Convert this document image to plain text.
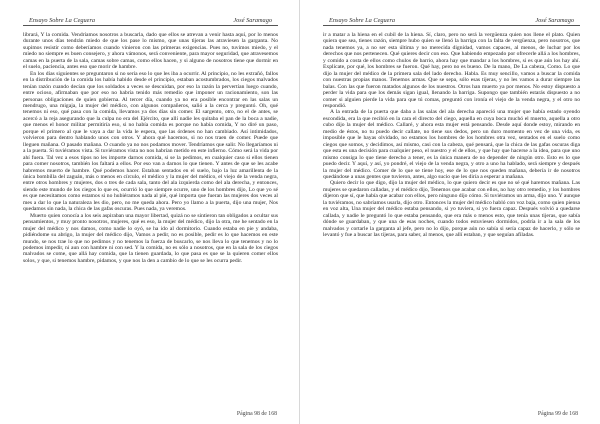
Ensayo Sobre La Ceguera	José Saramago

librará, Y la comida. Vendríamos nosotros a buscarla, dado que ellos se atrevan a venir hasta aquí, por lo menos durante unos días tendrán miedo de que los pase lo mismo, que unas tijeras las atraviesen la garganta. No supimos resistir como deberíamos cuando vinieron con las primeras exigencias. Pues no, tuvimos miedo, y el miedo no siempre es buen consejero, y ahora vámonos, será conveniente, para mayor seguridad, que atravesemos camas en la puerta de la sala, camas sobre camas, como ellos hacen, y si alguno de nosotros tiene que dormir en el suelo, paciencia, antes eso que morir de hambre.

En los días siguientes se preguntaron si no sería eso lo que les iba a ocurrir. Al principio, no les extrañó, fallos en la distribución de la comida los había habido desde el principio, estaban acostumbrados, los ciegos malvados tenían razón cuando decían que los soldados a veces se descuidan, por eso la razón la pervertían luego cuando, entre ocioso, afirmaban que por eso no habría tenido más remedio que imponer un racionamiento, son las personas obligaciones de quien gobierna. Al tercer día, cuando ya no era posible encontrar en las salas un mendrugo, una migaja, la mujer del médico, con algunos compañeros, salió a la cerca y preguntó. Oh, qué tenemos ni eso, qué pasa con la comida, llevamos ya dos días sin comer. El sargento, otro, no el de antes, se acercó a la reja asegurando que la culpa no era del Ejército, que allí nadie les quitaba el pan de la boca a nadie, que menos el honor militar permitiría eso, si no había comida es porque no había comida, Y no diré un paso, porque el primero al que le vaya a dar la vida le espera, que las órdenes no han cambiado. Así intimidados, volvieron para dentro hablando unos con otros. Y ahora qué hacemos, si no nos traen de comer. Puede que lleguen mañana. O pasado mañana. O cuando ya no nos podamos mover. Tendríamos que salir. No llegaríamos ni a la puerta. Si tuviéramos vista. Si tuviéramos vista no nos habrían metido en este infierno. Cómo será la vida por ahí fuera. Tal vez a esos tipos no les importe darnos comida, si se la pedimos, en cualquier caso si ellos tienen para comer nosotros, también los faltará a ellos. Por eso van a darnos lo que tienen. Y antes de que se les acabe habremos muerto de hambre. Qué podemos hacer. Estaban sentados en el suelo, bajo la luz amarillenta de la única bombilla del zaguán, más o menos en círculo, el médico y la mujer del médico, el viejo de la venda negra, entre otros hombres y mujeres, dos o tres de cada sala, tanto del ala izquierda como del ala derecha, y entonces, siendo este mundo de los ciegos lo que es, ocurrió lo que siempre ocurre, uno de los hombres dijo, Lo que yo sé es que necesitamos como estamos si no hubiéramos nada al pié, qué importa que fueran las mujeres dos veces al mes a dar lo que la naturaleza les dio, pero, no me queda ahora. Pero yo llamo a la puerta, dijo una mujer, Nos quedamos sin nada, la chica de las gafas oscuras. Pues nada, ya veremos.

Muerto quien conocía a los seis aspiraban una mayor libertad, quizá no se sintieron tan obligados a ocultar sus pensamientos, y muy pronto nosotros, mujeres, qué es eso, la mujer del médico, dijo la otra, me he sentado en la mujer del médico y nos damos, como nadie lo oyó, se ha ido al dormitorio. Cuando estaba en pie y andaba, pidiéndome su abrigo, la mujer del médico dijo, Vamos a pedir, no es posible, pedir es lo que hacemos en este mundo, se nos trae lo que no pedimos y no tenemos la fuerza de buscarlo, se nos lleva lo que tenemos y no lo podemos impedir, ni aun con hambre ni con sed. Y la comida, no es sólo a nosotros, que en la sala de los ciegos malvados se come, que allá hay comida, que la tienen guardada, lo que pasa es que se la quieren comer ellos solos, y que, si tenemos hambre, pidamos, y que nos la den a cambio de lo que se les ocurra pedir.

Página 98 de 168
Ensayo Sobre La Ceguera	José Saramago

ir a matar a la hiena en el cubil de la hiena. Sí, claro, pero no será la vergüenza quien nos llene el plato. Quien quiera que sea, tienes razón, siempre hubo quien se llenó la barriga con la falta de vergüenza, pero nosotros, que nada tenemos ya, a no ser esta última y no merecida dignidad, vamos capaces, al menos, de luchar por los derechos que nos pertenecen. Qué quieres decir con eso. Que habiendo empezado por ofrecerle allá a los hombres, y comido a costa de ellos como chulos de barrio, ahora hay que mandar a los hombres, si es que aún los hay ahí. Explícate, por qué, los hombres se fueron. Qué hay, pero no es bueno. De la mano, De La cabeza, Como. Lo que dijo la mujer del médico de la primera sala del lado derecho. Habla. Es muy sencillo, vamos a buscar la comida con nuestras propias manos. Tenemos armas. Que se sepa, sólo esas tijeras, y no les vamos a durar siempre las balas. Con las que fueron matados algunos de los nuestros. Otros han muerto ya por menos. No estoy dispuesto a perder la vida para que los demás sigan igual, llenando la barriga. Supongo que también estarás dispuesto a no comer si alguien pierde la vida para que tú comas, preguntó con ironía el viejo de la venda negra, y el otro no respondió.

A la entrada de la puerta que daba a las salas del ala derecha apareció una mujer que había estado oyendo escondida, era la que recibió en la cara el directo del ciego, aquella en cuya boca muchó el muerto, aquella a otro cubo dijo la mujer del médico. Callaré, y ahora esta mujer está pensando. Desde aquí donde estoy, mirando en medio de éstos, no tu puedo decir callate, no tiene sus dedos, pero un duro momento en vez de una vida, es imposible que le hayas olvidado, no estamos los hombres de los hombres otra vez, sentados en el suelo como ciegos que somos, y decidimos, así mismo, casi con la cabeza, qué pensará, que la chica de las gafas oscuras diga que esta es una decisión para cualquier peso, el nuestro y el de ellos, y que hay que hacerse a la idea, para que uno mismo consiga lo que tiene derecho a tener, es la única manera de no depender de ningún otro. Esto es lo que puedo decir. Y aquí, y así, yo pondré, el viejo de la venda negra, y otro a uno ha hablado, será siempre y después la mujer del médico. Comer de lo que se tiene hoy, ese de lo que nos queden mañana, debería ir de nosotros quedándose a unas gentes que tuvieron, antes, algo sucio que les diría a esperar a mañana.

Quiero decir lo que digo, dijo la mujer del médico, lo que quiero decir es que no sé qué haremos mañana. Las mujeres se quedaron calladas, y el médico dijo, Tenemos que acabar con ellos, no hay otro remedio, y los hombres dijeron que sí, que había que acabar con ellos, pero ninguno dijo cómo. Si tuviéramos un arma, dijo uno. Y aunque la tuviéramos, no sabríamos usarla, dijo otro. Entonces la mujer del médico habló con voz baja, como quien piensa en voz alta, Una mujer del médico estaba pensando, si yo tuviera, si yo fuera capaz. Después volvió a quedarse callada, y nadie le preguntó lo que estaba pensando, que era más o menos esto, que tenía unas tijeras, que sabía dónde se guardaban, y que una de esas noches, cuando todos estuviesen dormidos, podría ir a la sala de los malvados y cortarle la garganta al jefe, pero no lo dijo, porque aún no sabía si sería capaz de hacerlo, y sólo se levantó y fue a buscar las tijeras, para saber, al menos, que allí estaban, y que seguían afiladas.

Página 99 de 168
